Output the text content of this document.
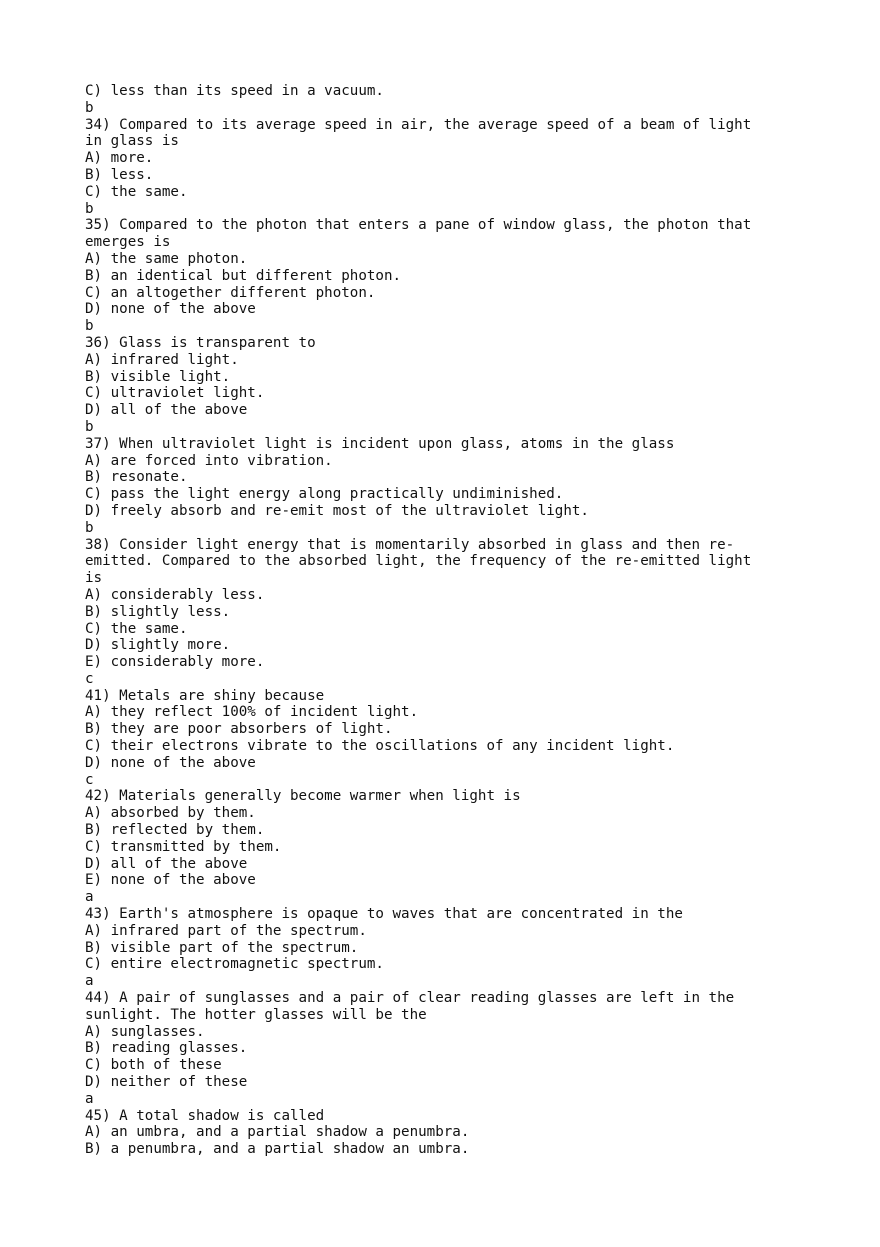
C) less than its speed in a vacuum.
b
34) Compared to its average speed in air, the average speed of a beam of light
in glass is
A) more.
B) less.
C) the same.
b
35) Compared to the photon that enters a pane of window glass, the photon that
emerges is
A) the same photon.
B) an identical but different photon.
C) an altogether different photon.
D) none of the above
b
36) Glass is transparent to
A) infrared light.
B) visible light.
C) ultraviolet light.
D) all of the above
b
37) When ultraviolet light is incident upon glass, atoms in the glass
A) are forced into vibration.
B) resonate.
C) pass the light energy along practically undiminished.
D) freely absorb and re-emit most of the ultraviolet light.
b
38) Consider light energy that is momentarily absorbed in glass and then re-
emitted. Compared to the absorbed light, the frequency of the re-emitted light
is
A) considerably less.
B) slightly less.
C) the same.
D) slightly more.
E) considerably more.
c
41) Metals are shiny because
A) they reflect 100% of incident light.
B) they are poor absorbers of light.
C) their electrons vibrate to the oscillations of any incident light.
D) none of the above
c
42) Materials generally become warmer when light is
A) absorbed by them.
B) reflected by them.
C) transmitted by them.
D) all of the above
E) none of the above
a
43) Earth's atmosphere is opaque to waves that are concentrated in the
A) infrared part of the spectrum.
B) visible part of the spectrum.
C) entire electromagnetic spectrum.
a
44) A pair of sunglasses and a pair of clear reading glasses are left in the
sunlight. The hotter glasses will be the
A) sunglasses.
B) reading glasses.
C) both of these
D) neither of these
a
45) A total shadow is called
A) an umbra, and a partial shadow a penumbra.
B) a penumbra, and a partial shadow an umbra.
